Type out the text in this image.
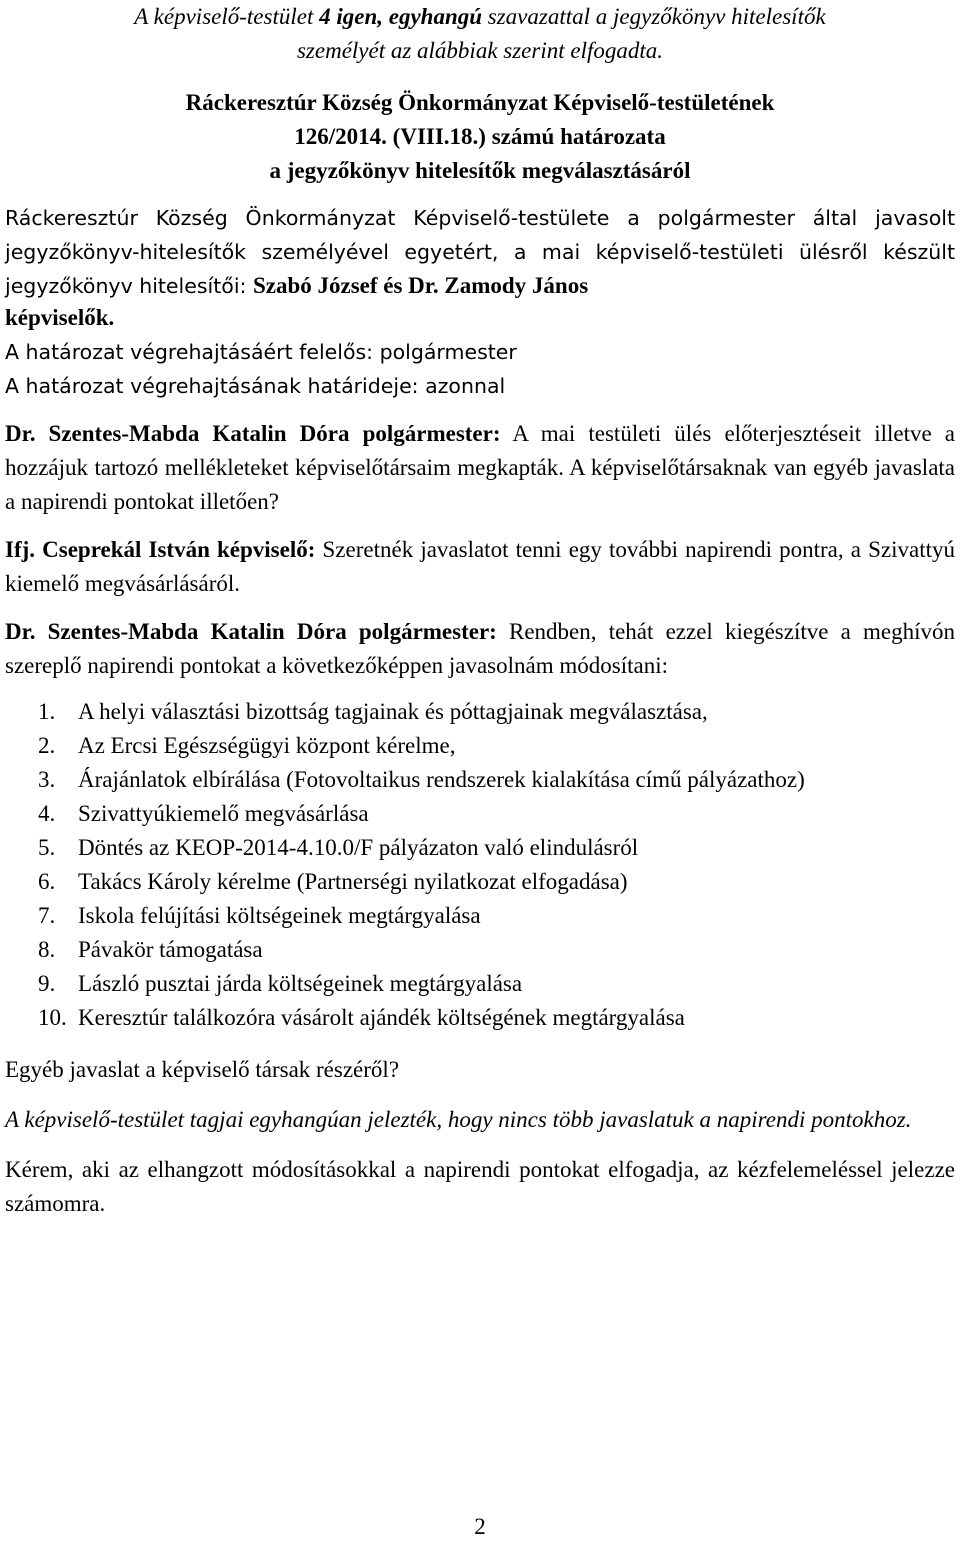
A képviselő-testület 4 igen, egyhangú szavazattal a jegyzőkönyv hitelesítők
személyét az alábbiak szerint elfogadta.

Ráckeresztúr Község Önkormányzat Képviselő-testületének
126/2014. (VIII.18.) számú határozata
a jegyzőkönyv hitelesítők megválasztásáról

Ráckeresztúr Község Önkormányzat Képviselő-testülete a polgármester által javasolt jegyzőkönyv-hitelesítők személyével egyetért, a mai képviselő-testületi ülésről készült jegyzőkönyv hitelesítői: Szabó József és Dr. Zamody János

képviselők.

A határozat végrehajtásáért felelős: polgármester

A határozat végrehajtásának határideje: azonnal

Dr. Szentes-Mabda Katalin Dóra polgármester: A mai testületi ülés előterjesztéseit illetve a hozzájuk tartozó mellékleteket képviselőtársaim megkapták. A képviselőtársaknak van egyéb javaslata a napirendi pontokat illetően?

Ifj. Cseprekál István képviselő: Szeretnék javaslatot tenni egy további napirendi pontra, a Szivattyú kiemelő megvásárlásáról.

Dr. Szentes-Mabda Katalin Dóra polgármester: Rendben, tehát ezzel kiegészítve a meghívón szereplő napirendi pontokat a következőképpen javasolnám módosítani:

1. A helyi választási bizottság tagjainak és póttagjainak megválasztása,
2. Az Ercsi Egészségügyi központ kérelme,
3. Árajánlatok elbírálása (Fotovoltaikus rendszerek kialakítása című pályázathoz)
4. Szivattyúkiemelő megvásárlása
5. Döntés az KEOP-2014-4.10.0/F pályázaton való elindulásról
6. Takács Károly kérelme (Partnerségi nyilatkozat elfogadása)
7. Iskola felújítási költségeinek megtárgyalása
8. Pávakör támogatása
9. László pusztai járda költségeinek megtárgyalása
10. Keresztúr találkozóra vásárolt ajándék költségének megtárgyalása

Egyéb javaslat a képviselő társak részéről?

A képviselő-testület tagjai egyhangúan jelezték, hogy nincs több javaslatuk a napirendi pontokhoz.

Kérem, aki az elhangzott módosításokkal a napirendi pontokat elfogadja, az kézfelemeléssel jelezze számomra.

2
